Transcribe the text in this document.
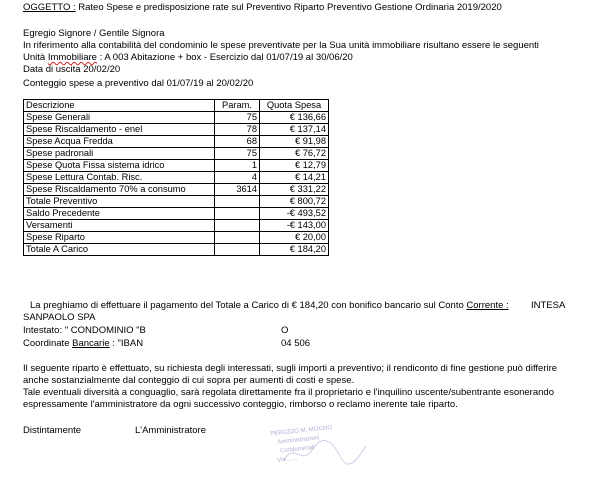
OGGETTO : Rateo Spese e predisposizione rate sul Preventivo Riparto Preventivo Gestione Ordinaria 2019/2020
Egregio Signore / Gentile Signora
In riferimento alla contabilità del condominio le spese preventivate per la Sua unità immobiliare risultano essere le seguenti
Unità Immobiliare : A 003 Abitazione + box - Esercizio dal 01/07/19 al 30/06/20
Data di uscita 20/02/20
Conteggio spese a preventivo dal 01/07/19 al 20/02/20
Descrizione	Param.	Quota Spesa
Spese Generali	75	€ 136,66
Spese Riscaldamento - enel	78	€ 137,14
Spese Acqua Fredda	68	€ 91,98
Spese padronali	75	€ 76,72
Spese Quota Fissa sistema idrico	1	€ 12,79
Spese Lettura Contab. Risc.	4	€ 14,21
Spese Riscaldamento 70% a consumo	3614	€ 331,22
Totale Preventivo		€ 800,72
Saldo Precedente		-€ 493,52
Versamenti		-€ 143,00
Spese Riparto		€ 20,00
Totale A Carico		€ 184,20
La preghiamo di effettuare il pagamento del Totale a Carico di € 184,20 con bonifico bancario sul Conto Corrente : INTESA
SANPAOLO SPA
Intestato: " CONDOMINIO "B	O
Coordinate Bancarie : "IBAN	04 506
Il seguente riparto è effettuato, su richiesta degli interessati, sugli importi a preventivo; il rendiconto di fine gestione può differire
anche sostanzialmente dal conteggio di cui sopra per aumenti di costi e spese.
Tale eventuali diversità a conguaglio, sarà regolata direttamente fra il proprietario e l'inquilino uscente/subentrante esonerando
espressamente l'amministratore da ogni successivo conteggio, rimborso o reclamo inerente tale riparto.
Distintamente	L'Amministratore	PERUZZO M. MOGNO
Amministrazioni
Condominiali
Via ......
